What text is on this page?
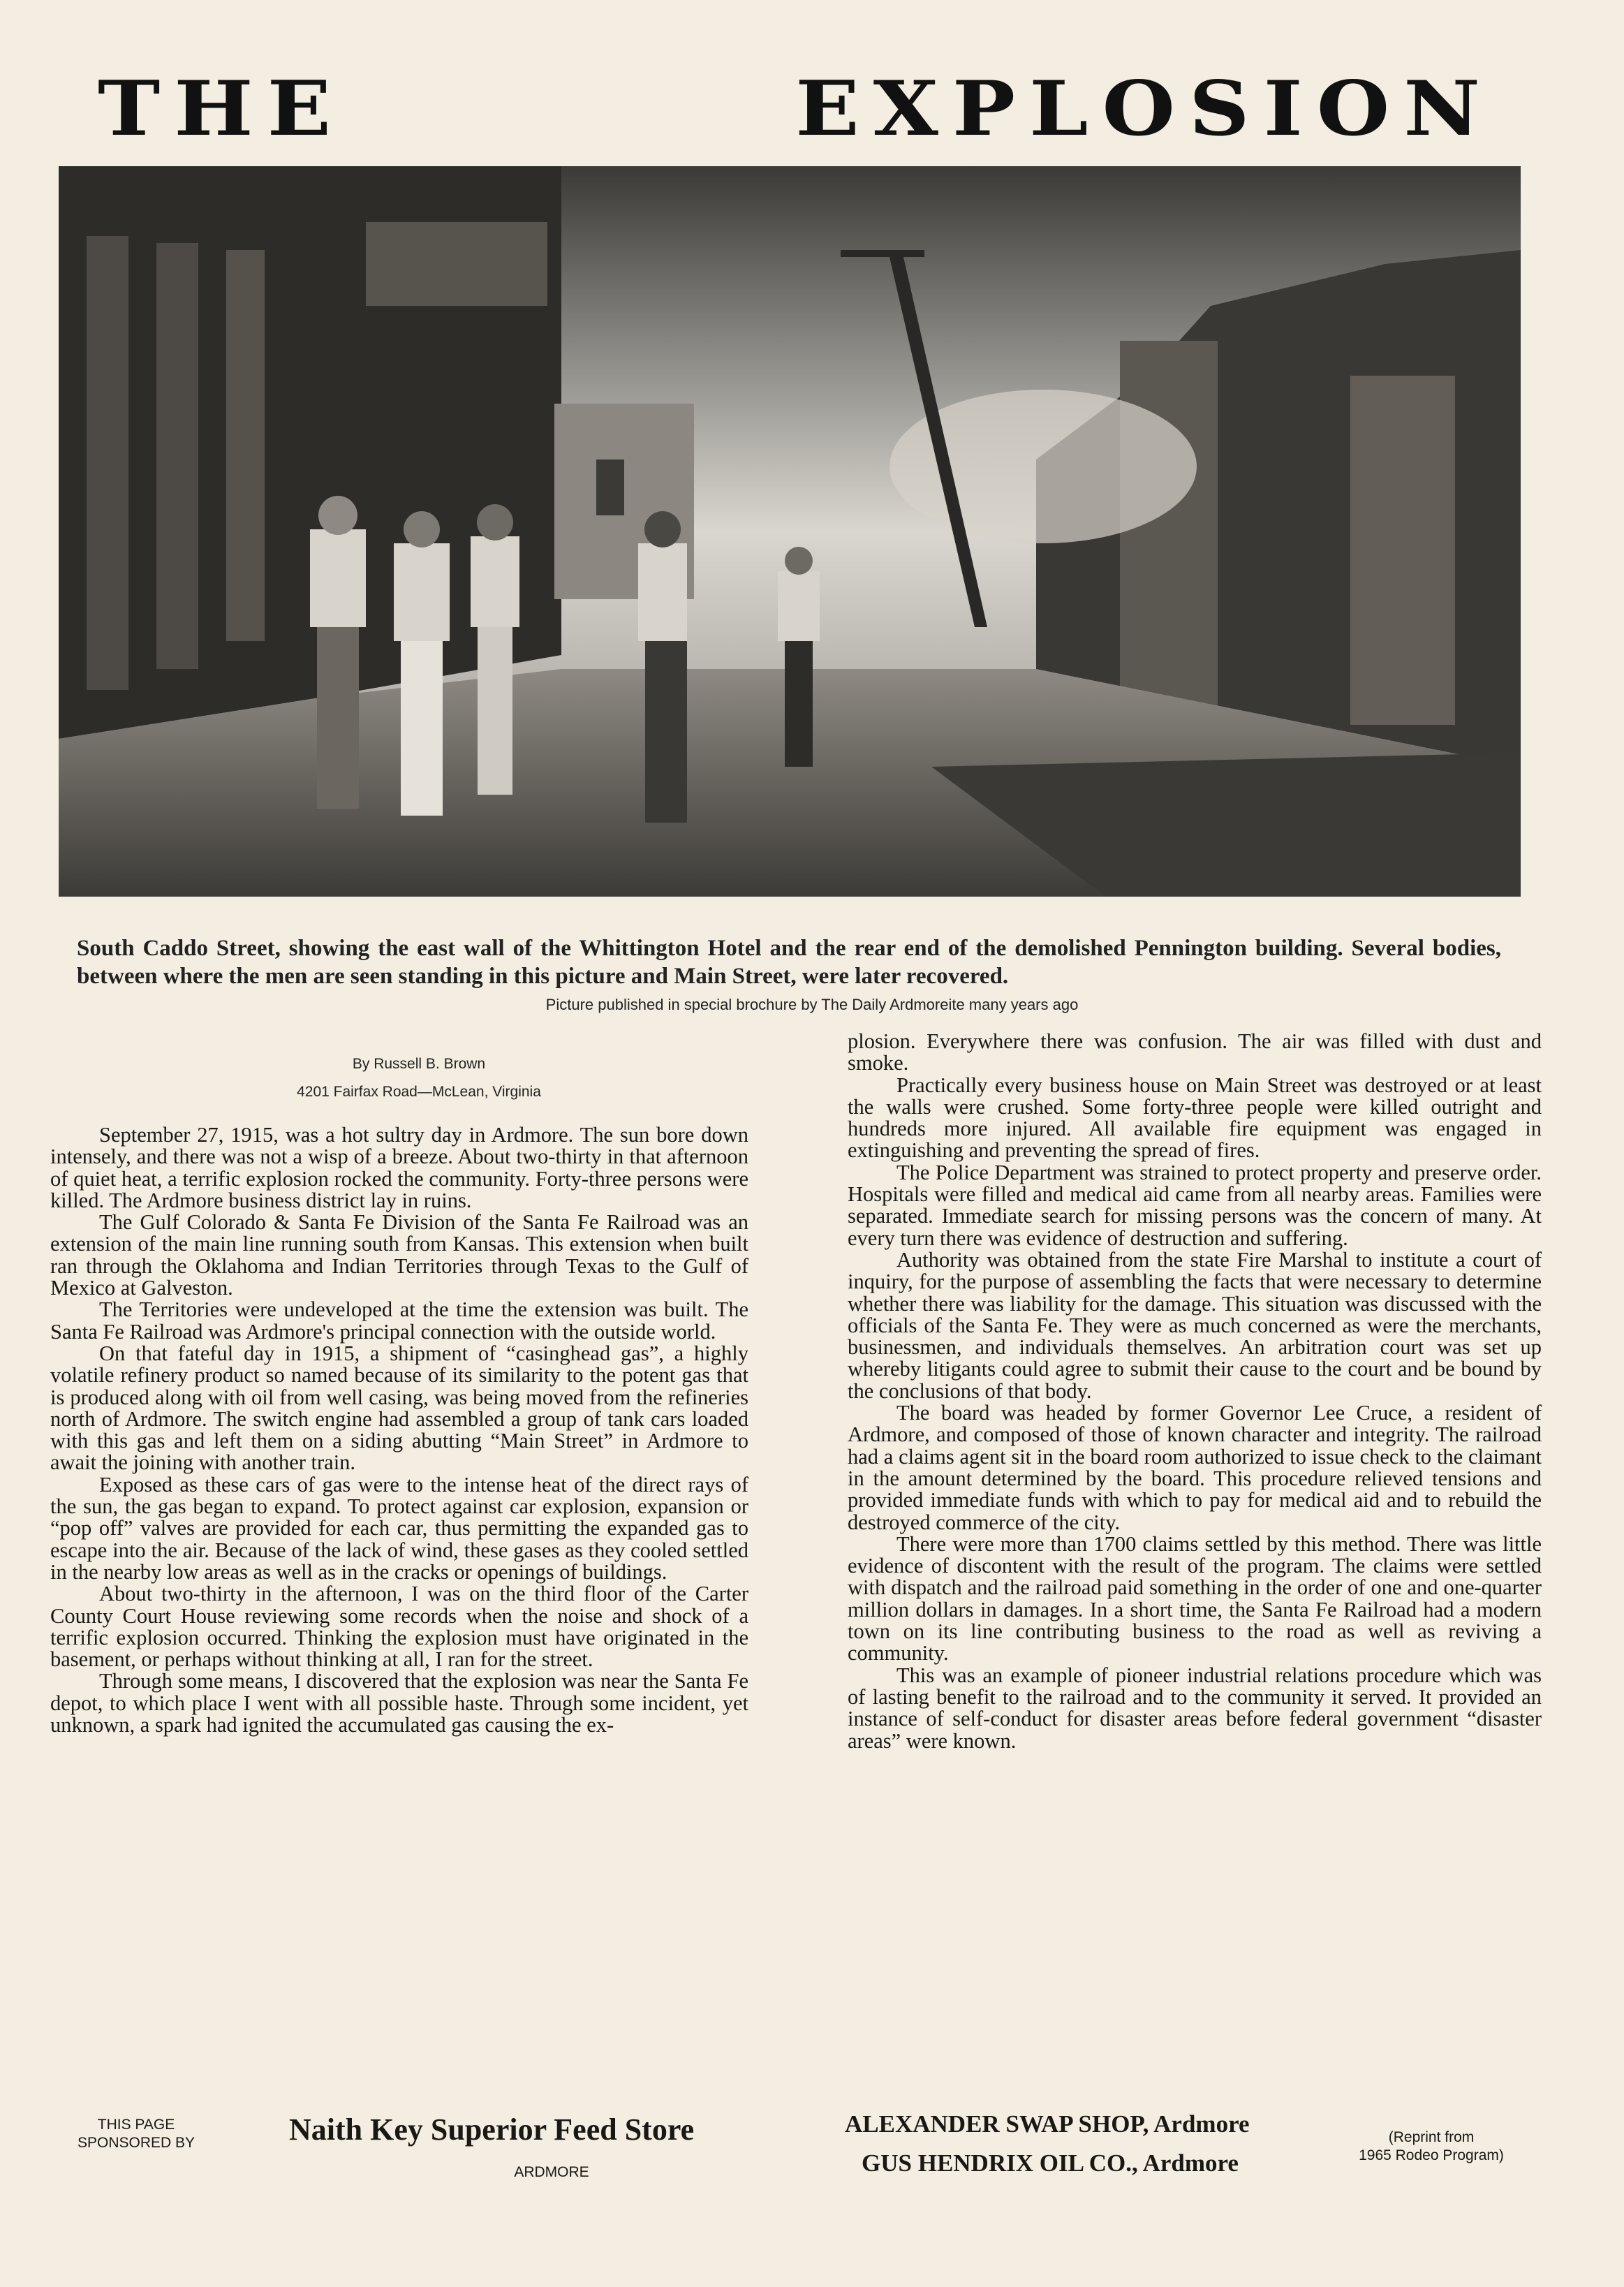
THE	EXPLOSION
South Caddo Street, showing the east wall of the Whittington Hotel and the rear end of the demolished Pennington building. Several bodies, between where the men are seen standing in this picture and Main Street, were later recovered.
Picture published in special brochure by The Daily Ardmoreite many years ago
By Russell B. Brown
4201 Fairfax Road—McLean, Virginia

September 27, 1915, was a hot sultry day in Ardmore. The sun bore down intensely, and there was not a wisp of a breeze. About two-thirty in that afternoon of quiet heat, a terrific explosion rocked the community. Forty-three persons were killed. The Ardmore business district lay in ruins.

The Gulf Colorado & Santa Fe Division of the Santa Fe Railroad was an extension of the main line running south from Kansas. This extension when built ran through the Oklahoma and Indian Territories through Texas to the Gulf of Mexico at Galveston.

The Territories were undeveloped at the time the extension was built. The Santa Fe Railroad was Ardmore's principal connection with the outside world.

On that fateful day in 1915, a shipment of “casinghead gas”, a highly volatile refinery product so named because of its similarity to the potent gas that is produced along with oil from well casing, was being moved from the refineries north of Ardmore. The switch engine had assembled a group of tank cars loaded with this gas and left them on a siding abutting “Main Street” in Ardmore to await the joining with another train.

Exposed as these cars of gas were to the intense heat of the direct rays of the sun, the gas began to expand. To protect against car explosion, expansion or “pop off” valves are provided for each car, thus permitting the expanded gas to escape into the air. Because of the lack of wind, these gases as they cooled settled in the nearby low areas as well as in the cracks or openings of buildings.

About two-thirty in the afternoon, I was on the third floor of the Carter County Court House reviewing some records when the noise and shock of a terrific explosion occurred. Thinking the explosion must have originated in the basement, or perhaps without thinking at all, I ran for the street.

Through some means, I discovered that the explosion was near the Santa Fe depot, to which place I went with all possible haste. Through some incident, yet unknown, a spark had ignited the accumulated gas causing the ex-

plosion. Everywhere there was confusion. The air was filled with dust and smoke.

Practically every business house on Main Street was destroyed or at least the walls were crushed. Some forty-three people were killed outright and hundreds more injured. All available fire equipment was engaged in extinguishing and preventing the spread of fires.

The Police Department was strained to protect property and preserve order. Hospitals were filled and medical aid came from all nearby areas. Families were separated. Immediate search for missing persons was the concern of many. At every turn there was evidence of destruction and suffering.

Authority was obtained from the state Fire Marshal to institute a court of inquiry, for the purpose of assembling the facts that were necessary to determine whether there was liability for the damage. This situation was discussed with the officials of the Santa Fe. They were as much concerned as were the merchants, businessmen, and individuals themselves. An arbitration court was set up whereby litigants could agree to submit their cause to the court and be bound by the conclusions of that body.

The board was headed by former Governor Lee Cruce, a resident of Ardmore, and composed of those of known character and integrity. The railroad had a claims agent sit in the board room authorized to issue check to the claimant in the amount determined by the board. This procedure relieved tensions and provided immediate funds with which to pay for medical aid and to rebuild the destroyed commerce of the city.

There were more than 1700 claims settled by this method. There was little evidence of discontent with the result of the program. The claims were settled with dispatch and the railroad paid something in the order of one and one-quarter million dollars in damages. In a short time, the Santa Fe Railroad had a modern town on its line contributing business to the road as well as reviving a community.

This was an example of pioneer industrial relations procedure which was of lasting benefit to the railroad and to the community it served. It provided an instance of self-conduct for disaster areas before federal government “disaster areas” were known.

THIS PAGE
SPONSORED BY	Naith Key Superior Feed Store
ARDMORE
ALEXANDER SWAP SHOP, Ardmore
GUS HENDRIX OIL CO., Ardmore
(Reprint from
1965 Rodeo Program)
